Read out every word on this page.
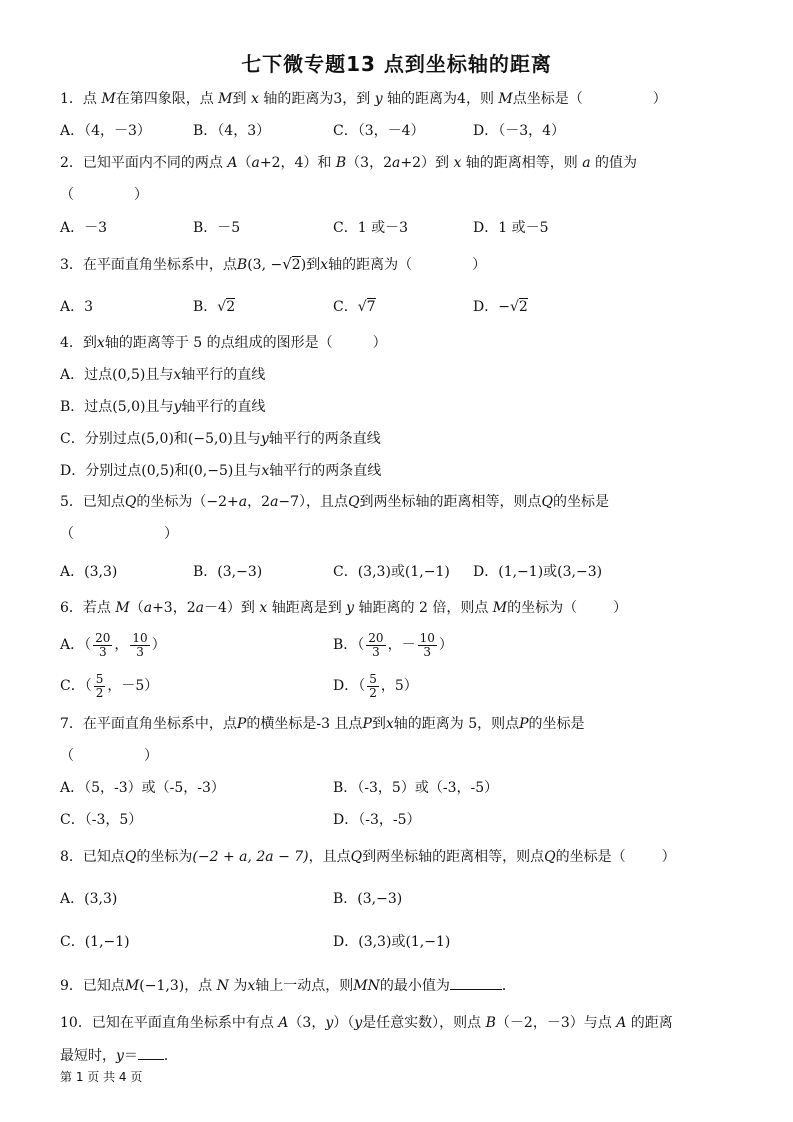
七下微专题13 点到坐标轴的距离
1．点 M在第四象限，点 M到 x 轴的距离为3，到 y 轴的距离为4，则 M点坐标是（	）
A．（4，－3）	B．（4，3）	C．（3，－4）	D．（－3，4）
2．已知平面内不同的两点 A（a+2，4）和 B（3，2a+2）到 x 轴的距离相等，则 a 的值为
（	）
A．－3	B．－5	C．1 或－3	D．1 或－5
3．在平面直角坐标系中，点B(3, −√2)到x轴的距离为（	）
A．3	B．√2	C．√7	D．−√2
4．到x轴的距离等于 5 的点组成的图形是（	）
A．过点(0,5)且与x轴平行的直线
B．过点(5,0)且与y轴平行的直线
C．分别过点(5,0)和(−5,0)且与y轴平行的两条直线
D．分别过点(0,5)和(0,−5)且与x轴平行的两条直线
5．已知点Q的坐标为（−2+a，2a−7），且点Q到两坐标轴的距离相等，则点Q的坐标是
（	）
A．(3,3)	B．(3,−3)	C．(3,3)或(1,−1) D．(1,−1)或(3,−3)
6．若点 M（a+3，2a－4）到 x 轴距离是到 y 轴距离的 2 倍，则点 M的坐标为（	）
A．（ $\frac{20}{3}$ ， $\frac{10}{3}$ ）	B．（ $\frac{20}{3}$ ，－ $\frac{10}{3}$ ）
C．（ $\frac{5}{2}$ ，－5）	D．（ $\frac{5}{2}$ ，5）
7．在平面直角坐标系中，点P的横坐标是-3 且点P到x轴的距离为 5，则点P的坐标是
（	）
A．（5，-3）或（-5，-3）	B．（-3，5）或（-3，-5）
C．（-3，5）	D．（-3，-5）
8．已知点Q的坐标为(−2 + a, 2a − 7)，且点Q到两坐标轴的距离相等，则点Q的坐标是（	）
A．(3,3)	B．(3,−3)
C．(1,−1)	D．(3,3)或(1,−1)
9．已知点M(−1,3)，点 N 为x轴上一动点，则MN的最小值为	．
10．已知在平面直角坐标系中有点 A（3，y）（y是任意实数），则点 B（－2，－3）与点 A 的距离
最短时，y＝ ．
第 1 页 共 4 页
